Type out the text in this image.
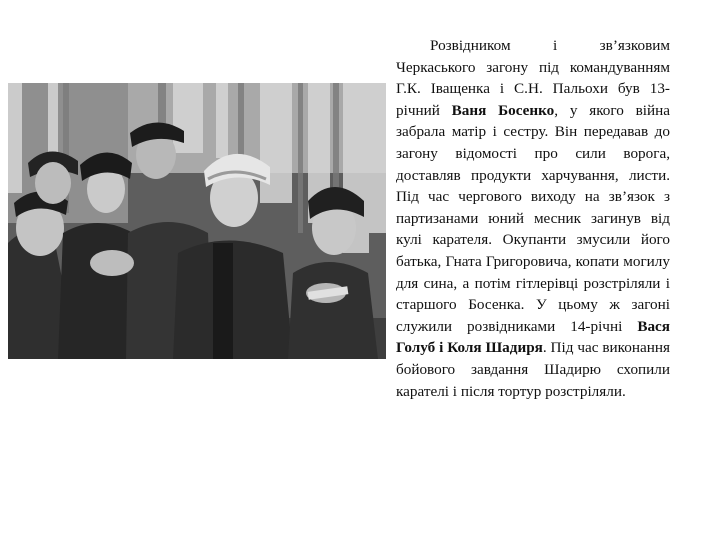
Розвідником і зв’язковим Черкаського загону під командуванням Г.К. Іващенка і С.Н. Пальохи був 13-річний Ваня Босенко, у якого війна забрала матір і сестру. Він передавав до загону відомості про сили ворога, доставляв продукти харчування, листи. Під час чергового виходу на зв’язок з партизанами юний месник загинув від кулі карателя. Окупанти змусили його батька, Гната Григоровича, копати могилу для сина, а потім гітлерівці розстріляли і старшого Босенка. У цьому ж загоні служили розвідниками 14-річні Вася Голуб і Коля Шадиря. Під час виконання бойового завдання Шадирю схопили карателі і після тортур розстріляли.
